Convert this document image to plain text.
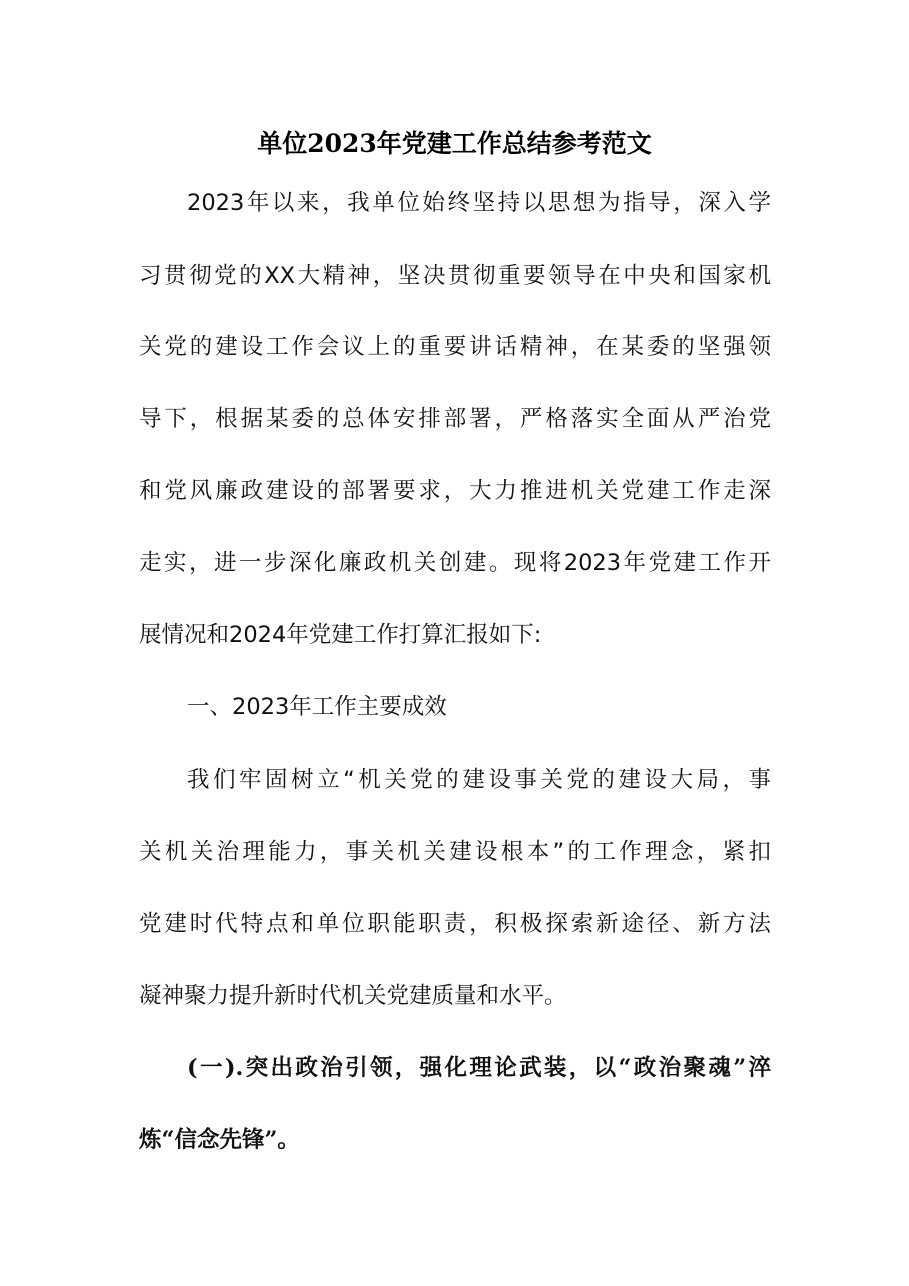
单位2023年党建工作总结参考范文
2023年以来，我单位始终坚持以思想为指导，深入学
习贯彻党的XX大精神，坚决贯彻重要领导在中央和国家机
关党的建设工作会议上的重要讲话精神，在某委的坚强领
导下，根据某委的总体安排部署，严格落实全面从严治党
和党风廉政建设的部署要求，大力推进机关党建工作走深
走实，进一步深化廉政机关创建。现将2023年党建工作开
展情况和2024年党建工作打算汇报如下:
一、2023年工作主要成效
我们牢固树立“机关党的建设事关党的建设大局，事
关机关治理能力，事关机关建设根本”的工作理念，紧扣
党建时代特点和单位职能职责，积极探索新途径、新方法
凝神聚力提升新时代机关党建质量和水平。
(一).突出政治引领，强化理论武装，以“政治聚魂”淬
炼“信念先锋”。
